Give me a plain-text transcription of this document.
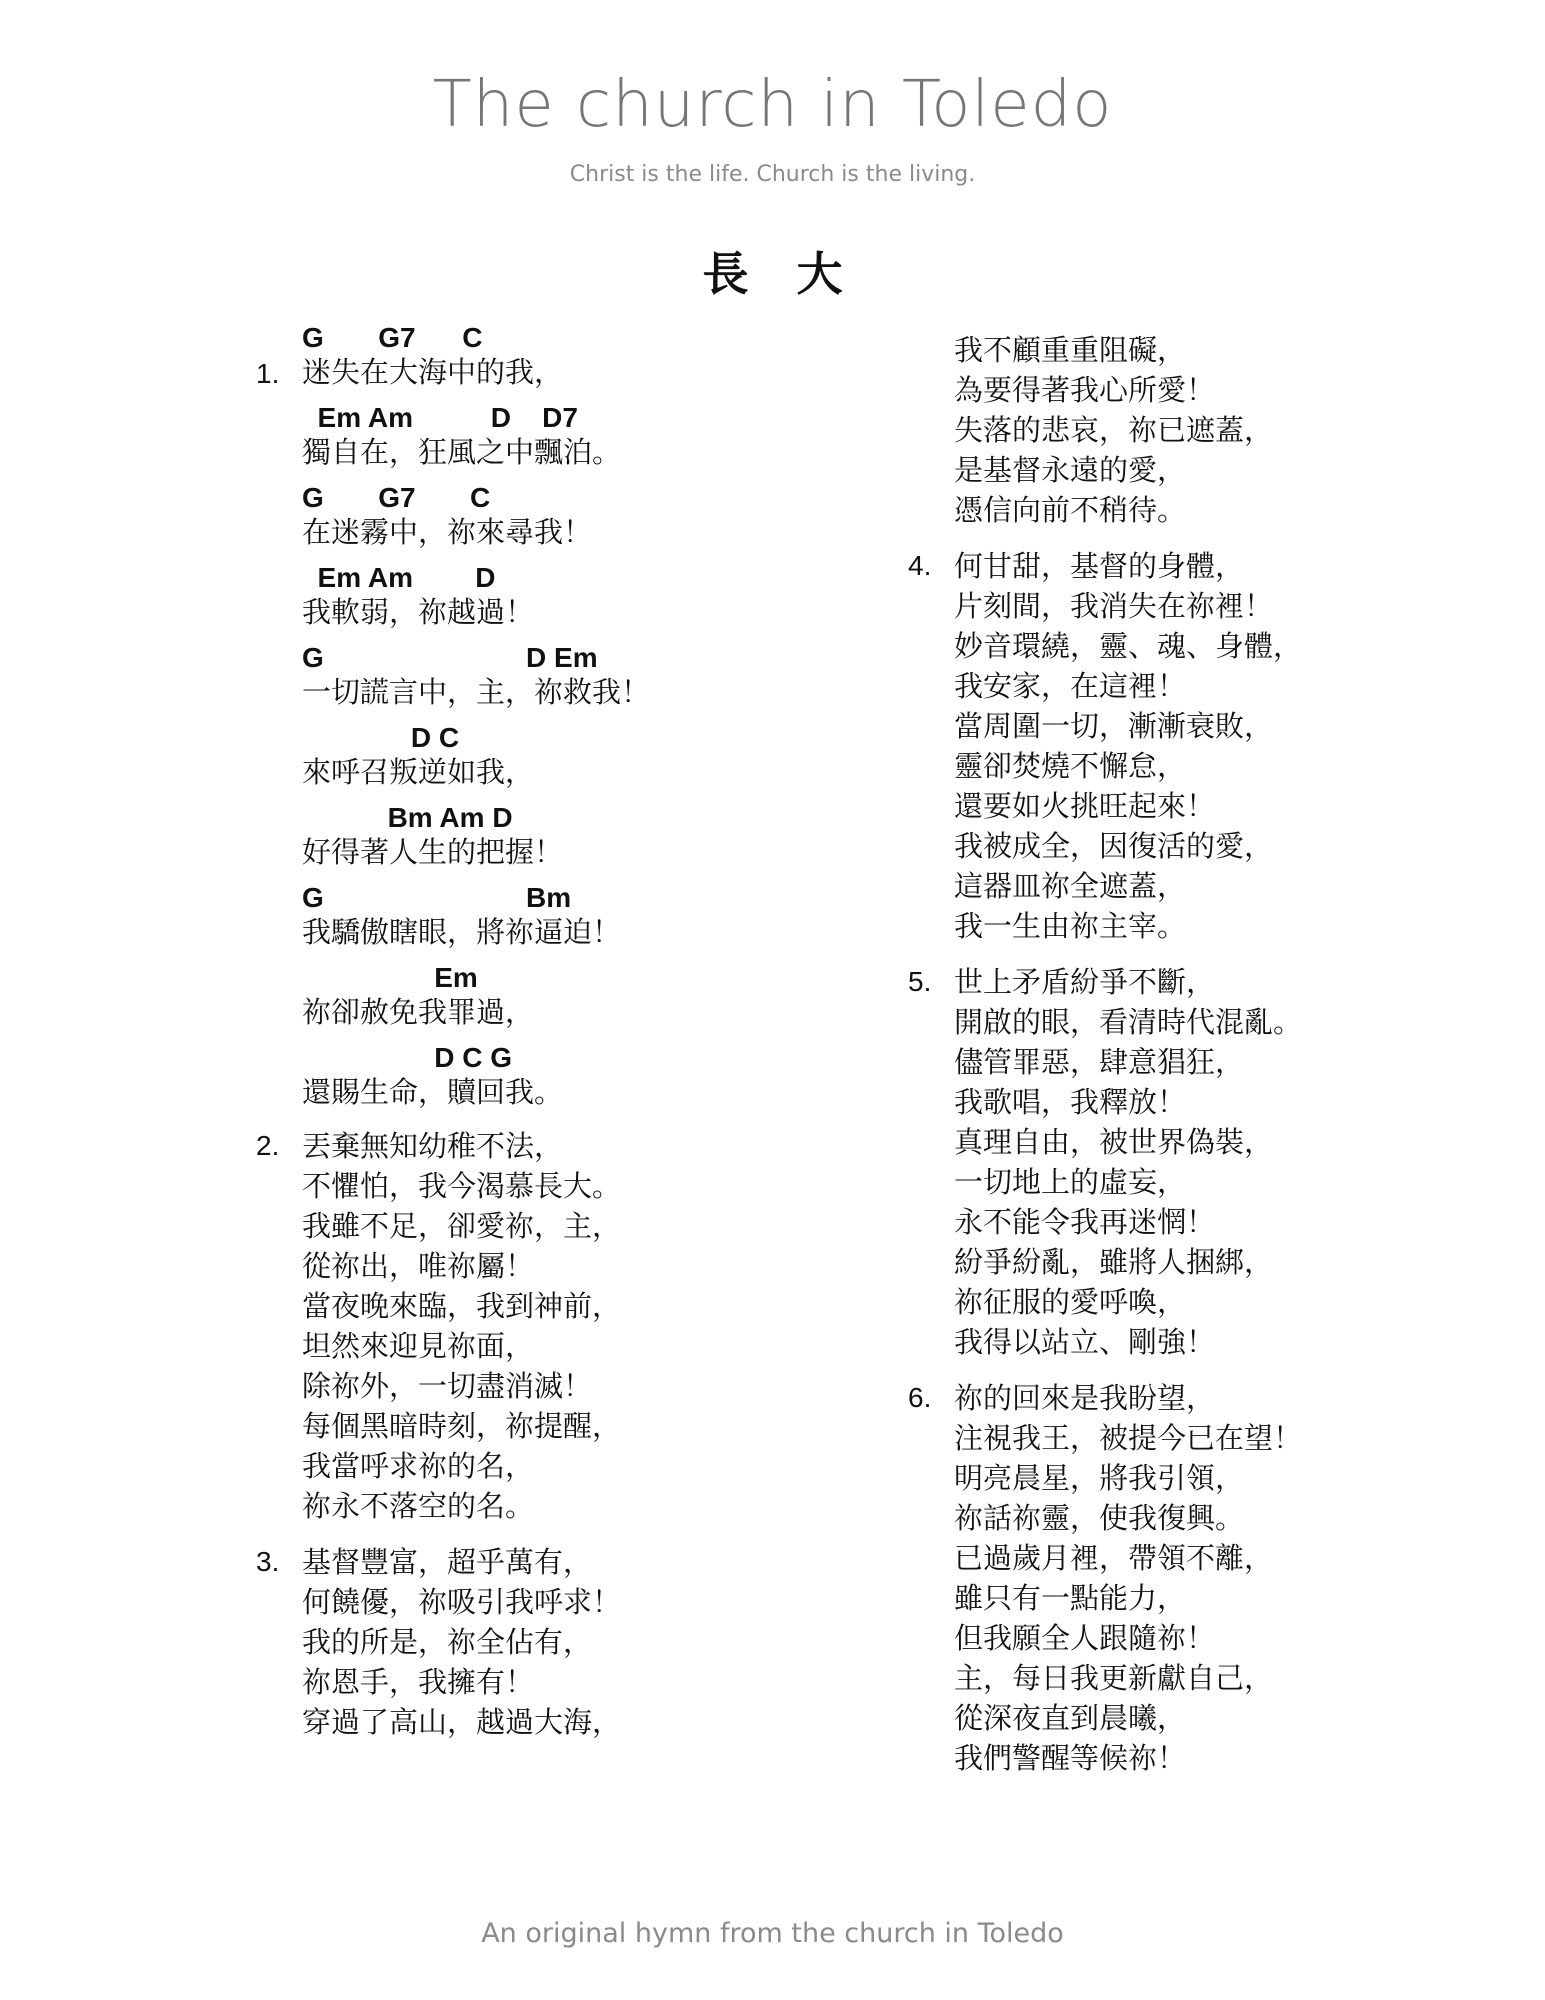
The church in Toledo
Christ is the life. Church is the living.
長大
1.
G       G7      C
迷失在大海中的我，
Em Am          D    D7
獨自在，狂風之中飄泊。
G       G7       C
在迷霧中，祢來尋我！
Em Am        D
我軟弱，祢越過！
G                          D Em
一切謊言中，主，祢救我！
D C
來呼召叛逆如我，
Bm Am D
好得著人生的把握！
G                          Bm
我驕傲瞎眼，將祢逼迫！
Em
祢卻赦免我罪過，
D C G
還賜生命，贖回我。
2. 丟棄無知幼稚不法，
不懼怕，我今渴慕長大。
我雖不足，卻愛祢，主，
從祢出，唯祢屬！
當夜晚來臨，我到神前，
坦然來迎見祢面，
除祢外，一切盡消滅！
每個黑暗時刻，祢提醒，
我當呼求祢的名，
祢永不落空的名。
3. 基督豐富，超乎萬有，
何饒優，祢吸引我呼求！
我的所是，祢全佔有，
祢恩手，我擁有！
穿過了高山，越過大海，
我不顧重重阻礙，
為要得著我心所愛！
失落的悲哀，祢已遮蓋，
是基督永遠的愛，
憑信向前不稍待。
4. 何甘甜，基督的身體，
片刻間，我消失在祢裡！
妙音環繞，靈、魂、身體，
我安家，在這裡！
當周圍一切，漸漸衰敗，
靈卻焚燒不懈怠，
還要如火挑旺起來！
我被成全，因復活的愛，
這器皿祢全遮蓋，
我一生由祢主宰。
5. 世上矛盾紛爭不斷，
開啟的眼，看清時代混亂。
儘管罪惡，肆意猖狂，
我歌唱，我釋放！
真理自由，被世界偽裝，
一切地上的虛妄，
永不能令我再迷惘！
紛爭紛亂，雖將人捆綁，
祢征服的愛呼喚，
我得以站立、剛強！
6. 祢的回來是我盼望，
注視我王，被提今已在望！
明亮晨星，將我引領，
祢話祢靈，使我復興。
已過歲月裡，帶領不離，
雖只有一點能力，
但我願全人跟隨祢！
主，每日我更新獻自己，
從深夜直到晨曦，
我們警醒等候祢！
An original hymn from the church in Toledo
